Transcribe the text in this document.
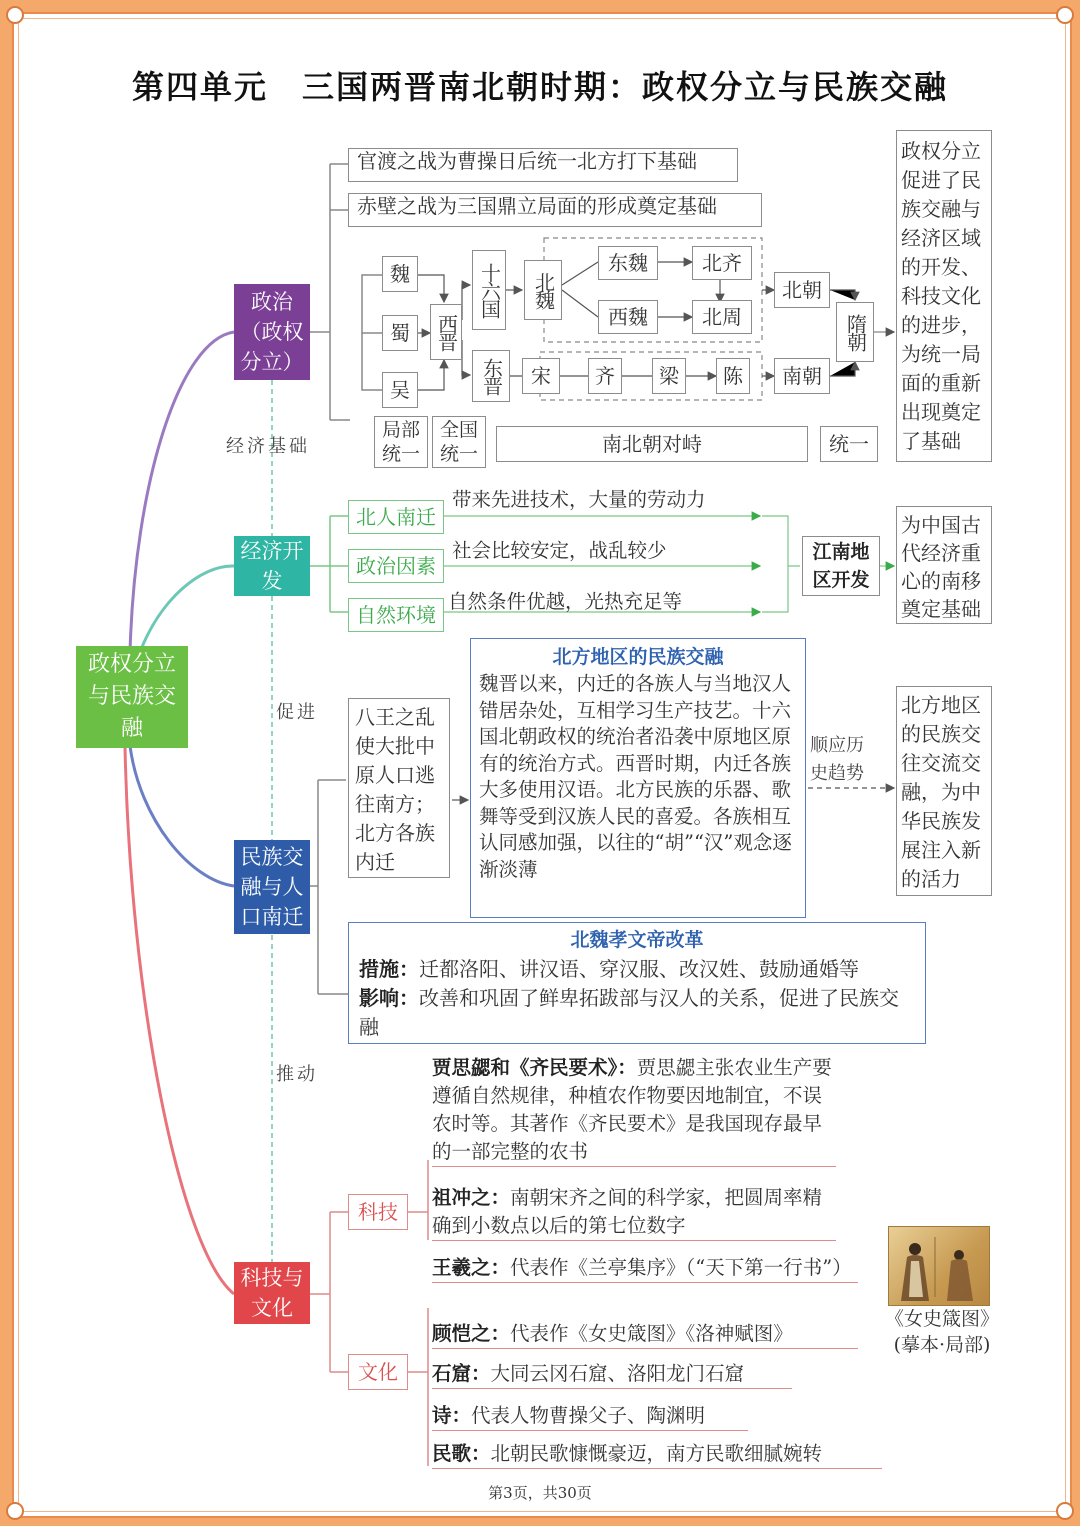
第四单元　三国两晋南北朝时期：政权分立与民族交融
政权分立与民族交融
政治（政权分立）
经济开发
民族交融与人口南迁
科技与文化
经济基础
促进
推动
顺应历史趋势
官渡之战为曹操日后统一北方打下基础
赤壁之战为三国鼎立局面的形成奠定基础
魏
蜀
吴
西晋
十六国
东晋
北魏
东魏
西魏
北齐
北周
宋	齐	梁	陈
北朝
南朝
隋朝
局部统一
全国统一	南北朝对峙	统一
政权分立促进了民族交融与经济区域的开发、科技文化的进步，为统一局面的重新出现奠定了基础
北人南迁
政治因素
自然环境
带来先进技术，大量的劳动力
社会比较安定，战乱较少
自然条件优越，光热充足等
江南地区开发
为中国古代经济重心的南移奠定基础
八王之乱使大批中原人口逃往南方；北方各族内迁
北方地区的民族交融
魏晋以来，内迁的各族人与当地汉人错居杂处，互相学习生产技艺。十六国北朝政权的统治者沿袭中原地区原有的统治方式。西晋时期，内迁各族大多使用汉语。北方民族的乐器、歌舞等受到汉族人民的喜爱。各族相互认同感加强，以往的“胡”“汉”观念逐渐淡薄
北方地区的民族交往交流交融，为中华民族发展注入新的活力
北魏孝文帝改革
措施：迁都洛阳、讲汉语、穿汉服、改汉姓、鼓励通婚等
影响：改善和巩固了鲜卑拓跋部与汉人的关系，促进了民族交融
科技
文化
贾思勰和《齐民要术》：贾思勰主张农业生产要遵循自然规律，种植农作物要因地制宜，不误农时等。其著作《齐民要术》是我国现存最早的一部完整的农书
祖冲之：南朝宋齐之间的科学家，把圆周率精确到小数点以后的第七位数字
王羲之：代表作《兰亭集序》（“天下第一行书”）
顾恺之：代表作《女史箴图》《洛神赋图》
石窟：大同云冈石窟、洛阳龙门石窟
诗：代表人物曹操父子、陶渊明
民歌：北朝民歌慷慨豪迈，南方民歌细腻婉转
《女史箴图》(摹本·局部)
第3页，共30页
